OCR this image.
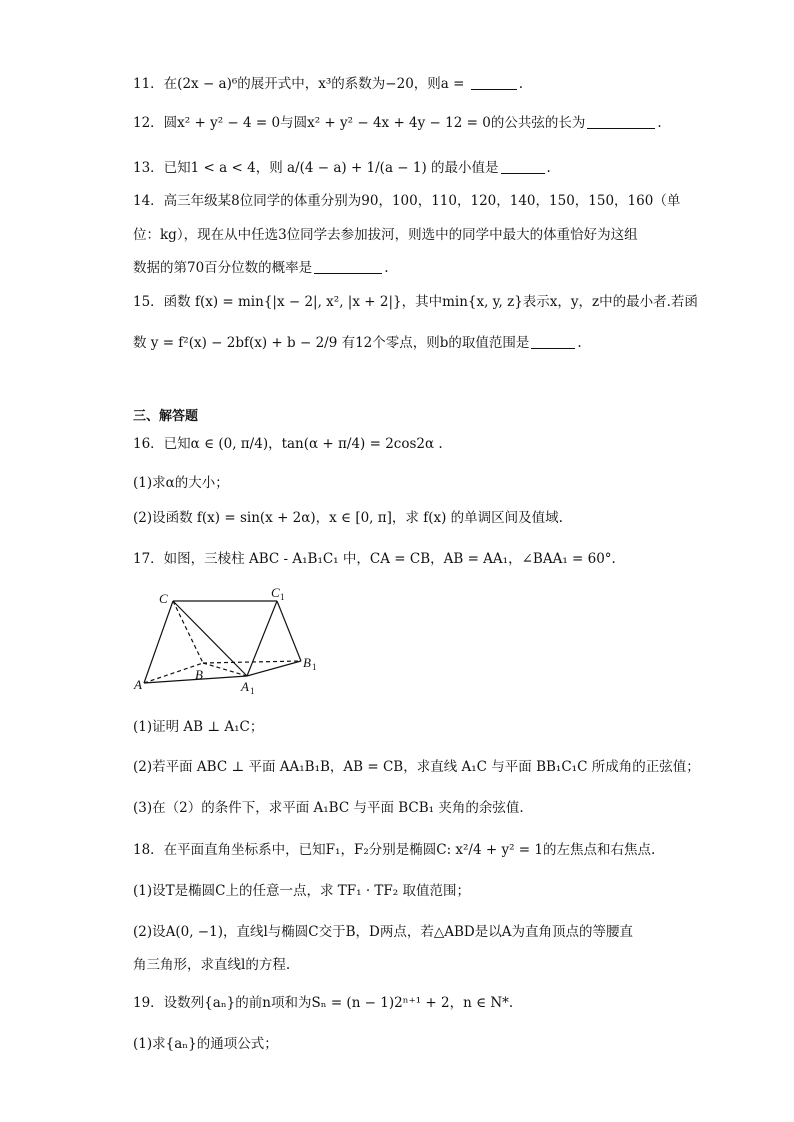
11．在(2x − a)⁶的展开式中，x³的系数为−20，则a =	.
12．圆x² + y² − 4 = 0与圆x² + y² − 4x + 4y − 12 = 0的公共弦的长为	.
13．已知1 < a < 4，则 a/(4 − a) + 1/(a − 1) 的最小值是	.
14．高三年级某8位同学的体重分别为90，100，110，120，140，150，150，160（单
位：kg），现在从中任选3位同学去参加拔河，则选中的同学中最大的体重恰好为这组
数据的第70百分位数的概率是	.
15．函数 f(x) = min{|x − 2|, x², |x + 2|}，其中min{x, y, z}表示x，y，z中的最小者.若函
数 y = f²(x) − 2bf(x) + b − 2/9 有12个零点，则b的取值范围是	.
三、解答题
16．已知α ∈ (0, π/4)，tan(α + π/4) = 2cos2α .
(1)求α的大小；
(2)设函数 f(x) = sin(x + 2α)，x ∈ [0, π]，求 f(x) 的单调区间及值域.
17．如图，三棱柱 ABC - A₁B₁C₁ 中，CA = CB，AB = AA₁，∠BAA₁ = 60°.
C	C 1
A
B
A 1
B 1
(1)证明 AB ⊥ A₁C；
(2)若平面 ABC ⊥ 平面 AA₁B₁B，AB = CB，求直线 A₁C 与平面 BB₁C₁C 所成角的正弦值；
(3)在（2）的条件下，求平面 A₁BC 与平面 BCB₁ 夹角的余弦值.
18．在平面直角坐标系中，已知F₁，F₂分别是椭圆C: x²/4 + y² = 1的左焦点和右焦点.
(1)设T是椭圆C上的任意一点，求 TF₁ · TF₂ 取值范围；
(2)设A(0, −1)，直线l与椭圆C交于B，D两点，若△ABD是以A为直角顶点的等腰直
角三角形，求直线l的方程.
19．设数列{aₙ}的前n项和为Sₙ = (n − 1)2ⁿ⁺¹ + 2，n ∈ N*.
(1)求{aₙ}的通项公式；
